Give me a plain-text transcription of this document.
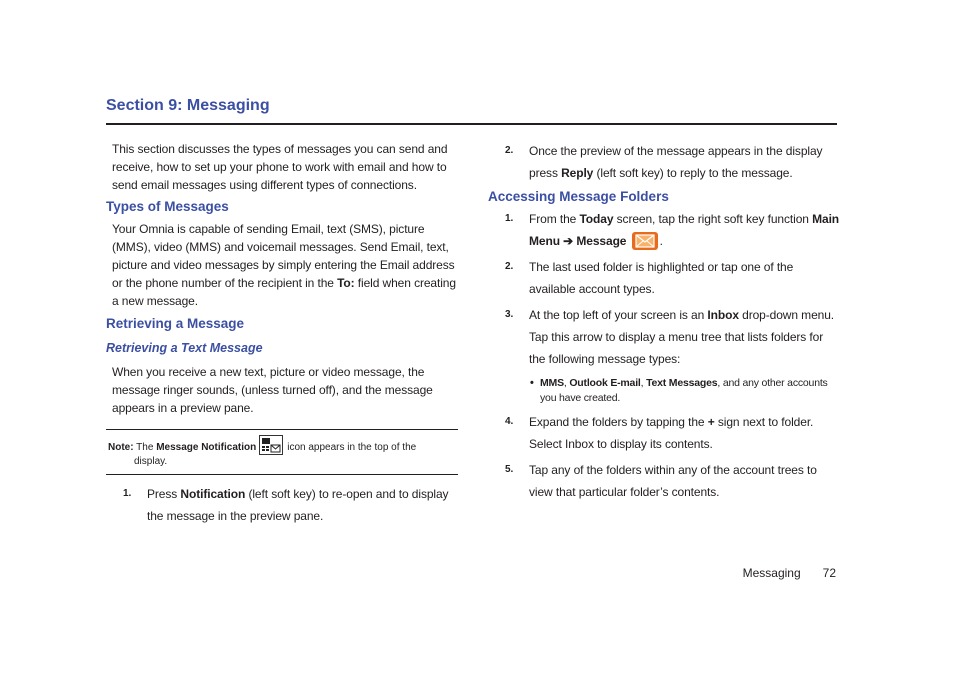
Section 9: Messaging

This section discusses the types of messages you can send and receive, how to set up your phone to work with email and how to send email messages using different types of connections.

Types of Messages

Your Omnia is capable of sending Email, text (SMS), picture (MMS), video (MMS) and voicemail messages. Send Email, text, picture and video messages by simply entering the Email address or the phone number of the recipient in the To: field when creating a new message.

Retrieving a Message
Retrieving a Text Message

When you receive a new text, picture or video message, the message ringer sounds, (unless turned off), and the message appears in a preview pane.

Note: The Message Notification	icon appears in the top of the
display.
1. Press Notification (left soft key) to re-open and to display the message in the preview pane.
2. Once the preview of the message appears in the display press Reply (left soft key) to reply to the message.
Accessing Message Folders
1. From the Today screen, tap the right soft key function Main Menu ➔ Message	.
2. The last used folder is highlighted or tap one of the available account types.
3. At the top left of your screen is an Inbox drop-down menu. Tap this arrow to display a menu tree that lists folders for the following message types:
• MMS, Outlook E-mail, Text Messages, and any other accounts you have created.
4. Expand the folders by tapping the + sign next to folder. Select Inbox to display its contents.
5. Tap any of the folders within any of the account trees to view that particular folder’s contents.
Messaging 72
